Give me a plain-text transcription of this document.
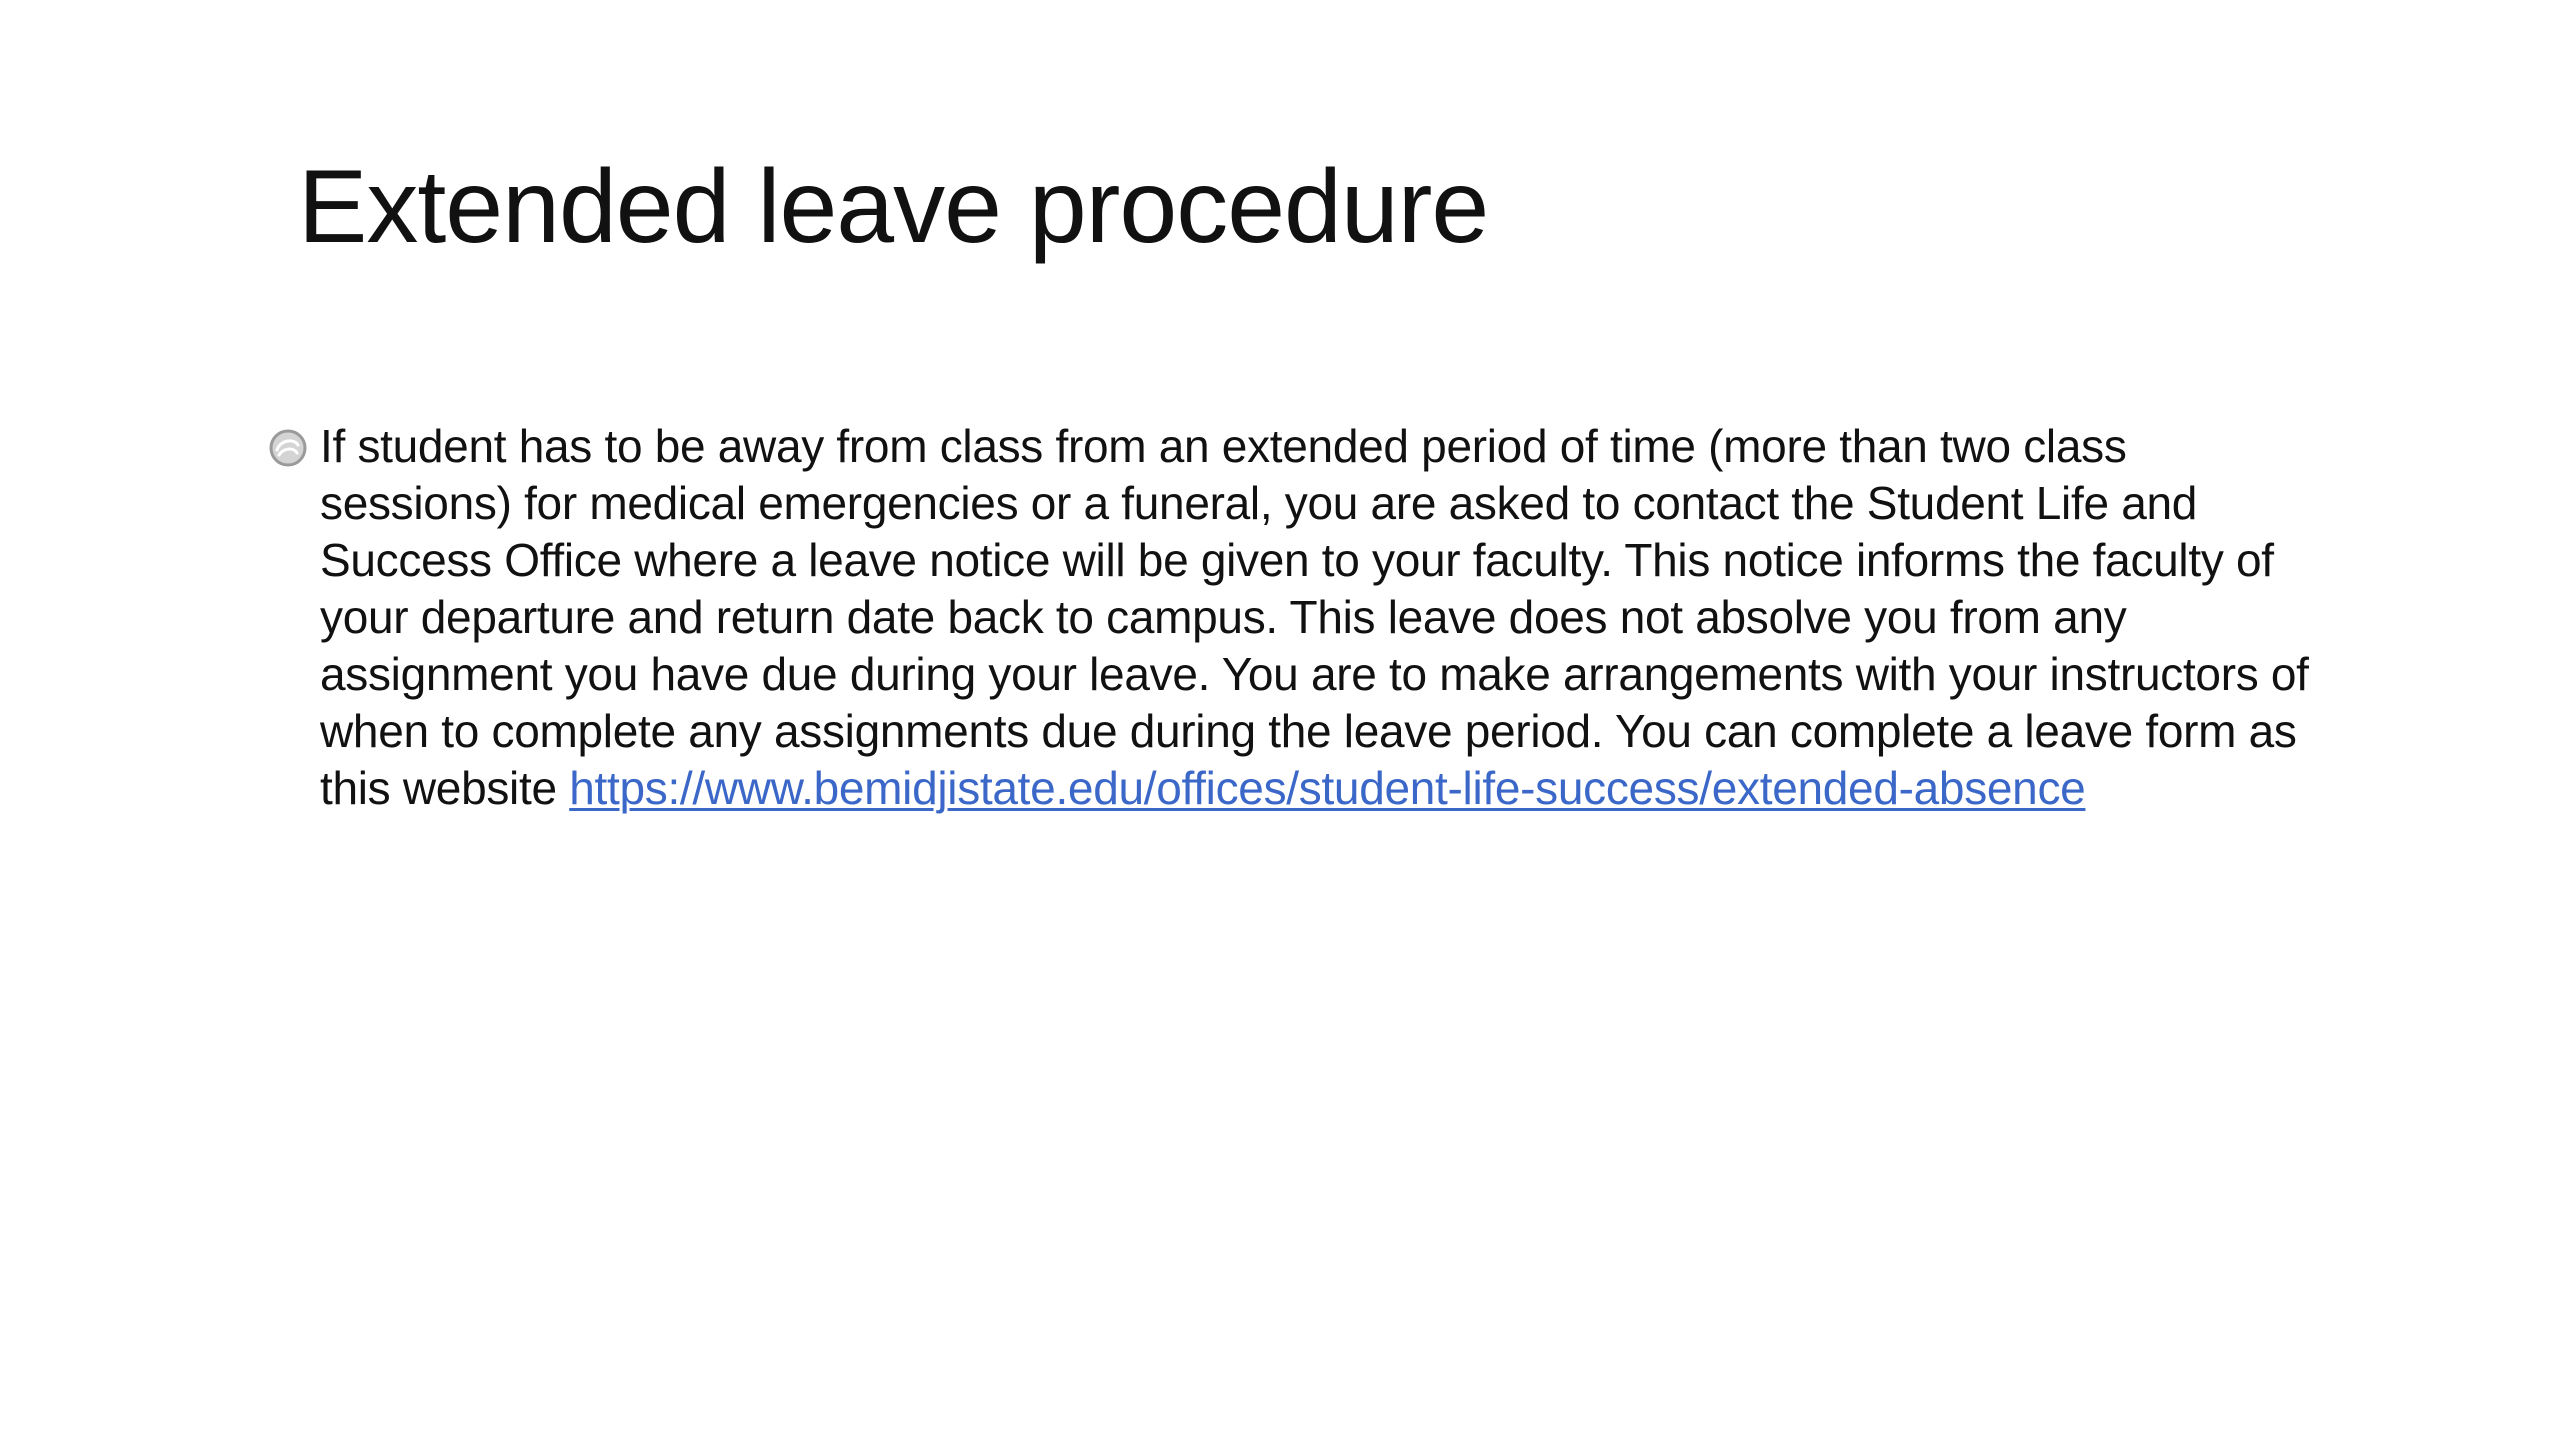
Extended leave procedure

If student has to be away from class from an extended period of time (more than two class sessions) for medical emergencies or a funeral, you are asked to contact the Student Life and Success Office where a leave notice will be given to your faculty. This notice informs the faculty of your departure and return date back to campus. This leave does not absolve you from any assignment you have due during your leave. You are to make arrangements with your instructors of when to complete any assignments due during the leave period. You can complete a leave form as this website https://www.bemidjistate.edu/offices/student-life-success/extended-absence
